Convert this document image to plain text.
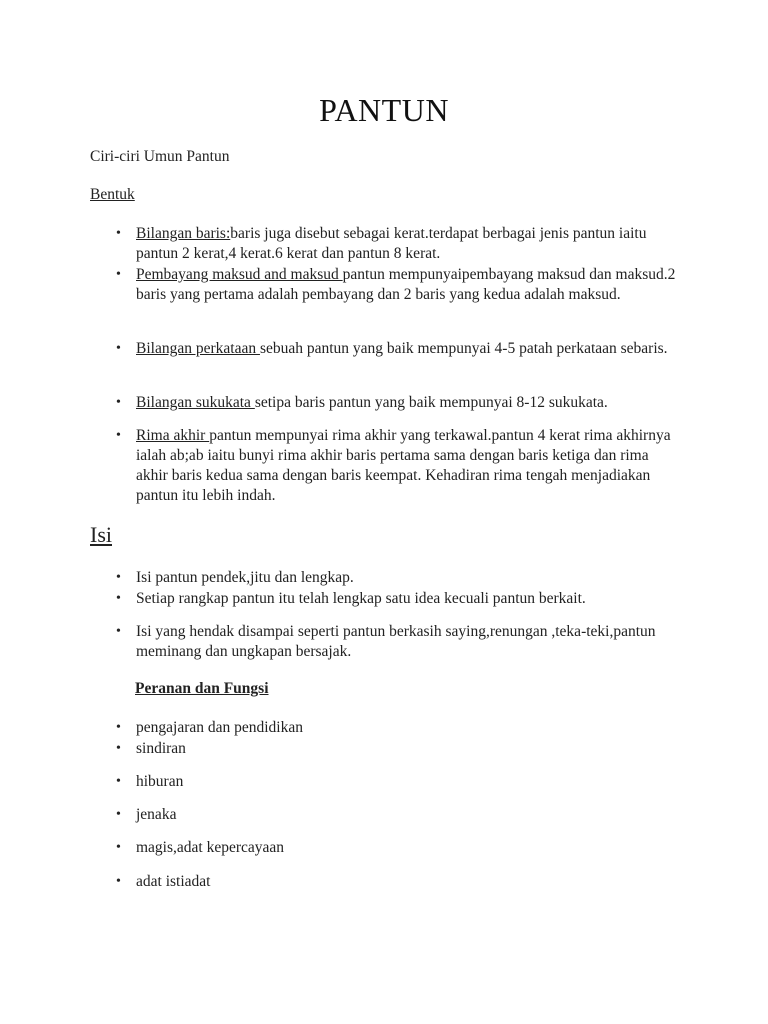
PANTUN
Ciri-ciri Umun Pantun
Bentuk
• Bilangan baris:baris juga disebut sebagai kerat.terdapat berbagai jenis pantun iaitu pantun 2 kerat,4 kerat.6 kerat dan pantun 8 kerat.
• Pembayang maksud and maksud pantun mempunyaipembayang maksud dan maksud.2 baris yang pertama adalah pembayang dan 2 baris yang kedua adalah maksud.
• Bilangan perkataan sebuah pantun yang baik mempunyai 4-5 patah perkataan sebaris.
• Bilangan sukukata setipa baris pantun yang baik mempunyai 8-12 sukukata.
• Rima akhir pantun mempunyai rima akhir yang terkawal.pantun 4 kerat rima akhirnya ialah ab;ab iaitu bunyi rima akhir baris pertama sama dengan baris ketiga dan rima akhir baris kedua sama dengan baris keempat. Kehadiran rima tengah menjadiakan pantun itu lebih indah.
Isi
• Isi pantun pendek,jitu dan lengkap.
• Setiap rangkap pantun itu telah lengkap satu idea kecuali pantun berkait.
• Isi yang hendak disampai seperti pantun berkasih saying,renungan ,teka-teki,pantun meminang dan ungkapan bersajak.
Peranan dan Fungsi
• pengajaran dan pendidikan
• sindiran
• hiburan
• jenaka
• magis,adat kepercayaan
• adat istiadat
